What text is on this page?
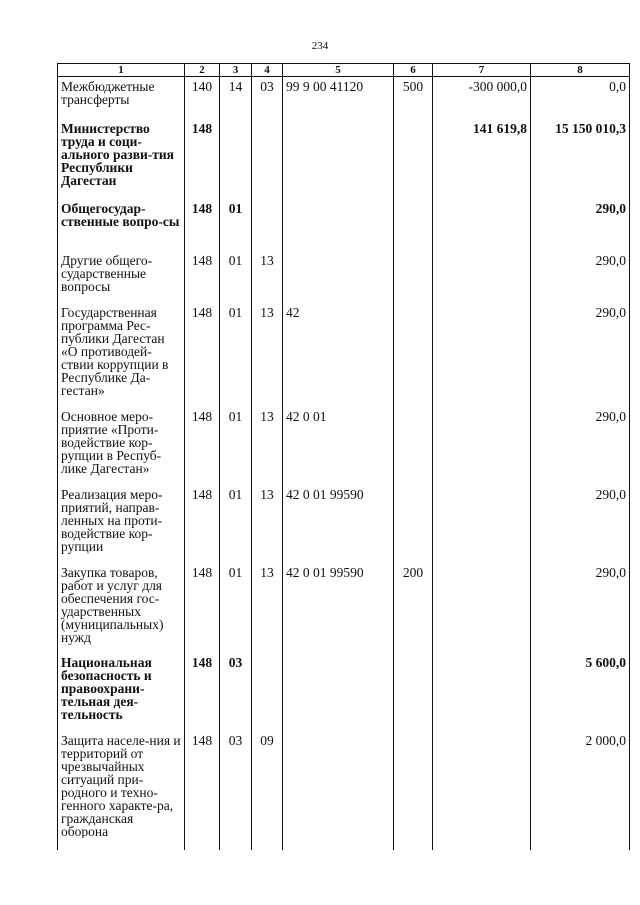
234
1	2	3	4	5	6	7	8
Межбюджетные трансферты	140	14	03	99 9 00 41120	500	-300 000,0	0,0
Министерство труда и соци-ального разви-тия Республики Дагестан	148					141 619,8	15 150 010,3
Общегосудар-ственные вопро-сы	148	01					290,0
Другие общего-сударственные вопросы	148	01	13				290,0
Государственная программа Рес-публики Дагестан «О противодей-ствии коррупции в Республике Да-гестан»	148	01	13	42			290,0
Основное меро-приятие «Проти-водействие кор-рупции в Респуб-лике Дагестан»	148	01	13	42 0 01			290,0
Реализация меро-приятий, направ-ленных на проти-водействие кор-рупции	148	01	13	42 0 01 99590			290,0
Закупка товаров, работ и услуг для обеспечения гос-ударственных (муниципальных) нужд	148	01	13	42 0 01 99590	200		290,0
Национальная безопасность и правоохрани-тельная дея-тельность	148	03					5 600,0
Защита населе-ния и территорий от чрезвычайных ситуаций при-родного и техно-генного характе-ра, гражданская оборона	148	03	09				2 000,0
